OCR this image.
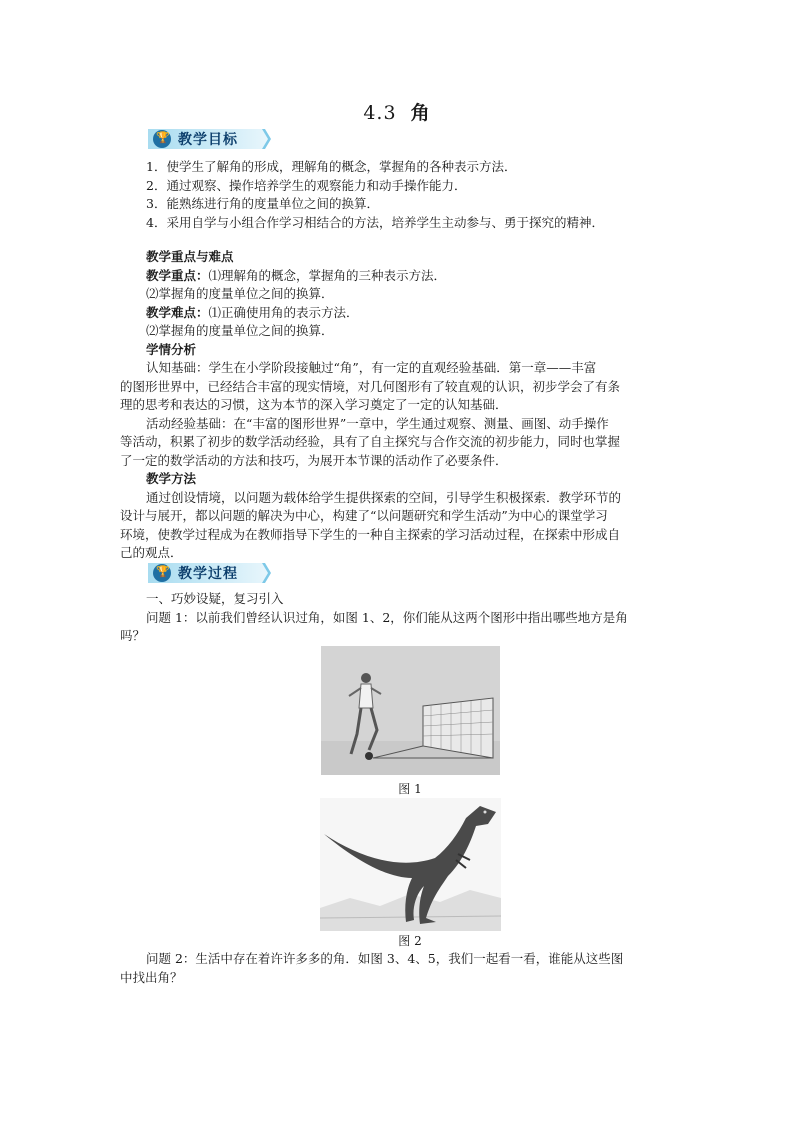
4.3 角
🏆 教学目标
1．使学生了解角的形成，理解角的概念，掌握角的各种表示方法．
2．通过观察、操作培养学生的观察能力和动手操作能力．
3．能熟练进行角的度量单位之间的换算．
4．采用自学与小组合作学习相结合的方法，培养学生主动参与、勇于探究的精神．
教学重点与难点
教学重点：⑴理解角的概念，掌握角的三种表示方法．
⑵掌握角的度量单位之间的换算．
教学难点：⑴正确使用角的表示方法．
⑵掌握角的度量单位之间的换算．
学情分析
认知基础：学生在小学阶段接触过“角”，有一定的直观经验基础．第一章——丰富
的图形世界中，已经结合丰富的现实情境，对几何图形有了较直观的认识，初步学会了有条
理的思考和表达的习惯，这为本节的深入学习奠定了一定的认知基础．
活动经验基础：在“丰富的图形世界”一章中，学生通过观察、测量、画图、动手操作
等活动，积累了初步的数学活动经验，具有了自主探究与合作交流的初步能力，同时也掌握
了一定的数学活动的方法和技巧，为展开本节课的活动作了必要条件．
教学方法
通过创设情境，以问题为载体给学生提供探索的空间，引导学生积极探索．教学环节的
设计与展开，都以问题的解决为中心，构建了“以问题研究和学生活动”为中心的课堂学习
环境，使教学过程成为在教师指导下学生的一种自主探索的学习活动过程，在探索中形成自
己的观点．
🏆 教学过程
一、巧妙设疑，复习引入
问题 1：以前我们曾经认识过角，如图 1、2，你们能从这两个图形中指出哪些地方是角
吗？
图 1
图 2
问题 2：生活中存在着许许多多的角．如图 3、4、5，我们一起看一看，谁能从这些图
中找出角？
